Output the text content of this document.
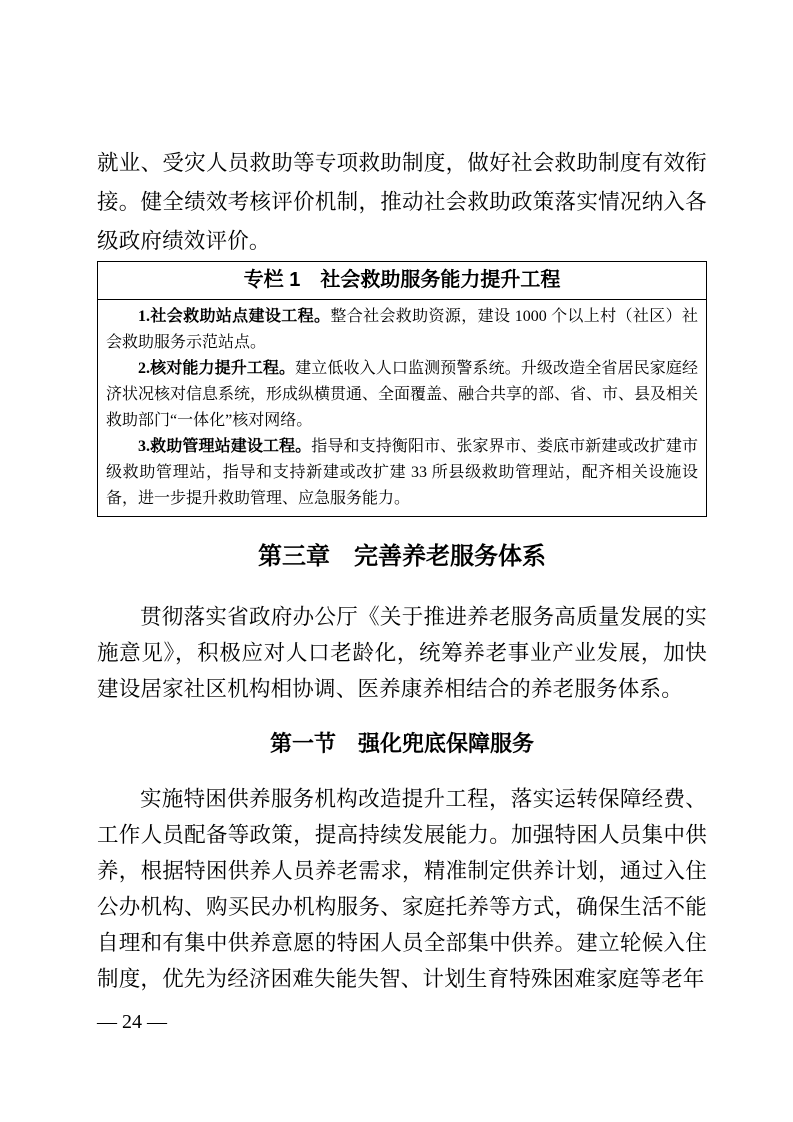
就业、受灾人员救助等专项救助制度，做好社会救助制度有效衔接。健全绩效考核评价机制，推动社会救助政策落实情况纳入各级政府绩效评价。

专栏 1　社会救助服务能力提升工程

1.社会救助站点建设工程。整合社会救助资源，建设 1000 个以上村（社区）社会救助服务示范站点。

2.核对能力提升工程。建立低收入人口监测预警系统。升级改造全省居民家庭经济状况核对信息系统，形成纵横贯通、全面覆盖、融合共享的部、省、市、县及相关救助部门“一体化”核对网络。

3.救助管理站建设工程。指导和支持衡阳市、张家界市、娄底市新建或改扩建市级救助管理站，指导和支持新建或改扩建 33 所县级救助管理站，配齐相关设施设备，进一步提升救助管理、应急服务能力。

第三章　完善养老服务体系

贯彻落实省政府办公厅《关于推进养老服务高质量发展的实施意见》，积极应对人口老龄化，统筹养老事业产业发展，加快建设居家社区机构相协调、医养康养相结合的养老服务体系。

第一节　强化兜底保障服务

实施特困供养服务机构改造提升工程，落实运转保障经费、工作人员配备等政策，提高持续发展能力。加强特困人员集中供养，根据特困供养人员养老需求，精准制定供养计划，通过入住公办机构、购买民办机构服务、家庭托养等方式，确保生活不能自理和有集中供养意愿的特困人员全部集中供养。建立轮候入住制度，优先为经济困难失能失智、计划生育特殊困难家庭等老年

— 24 —
